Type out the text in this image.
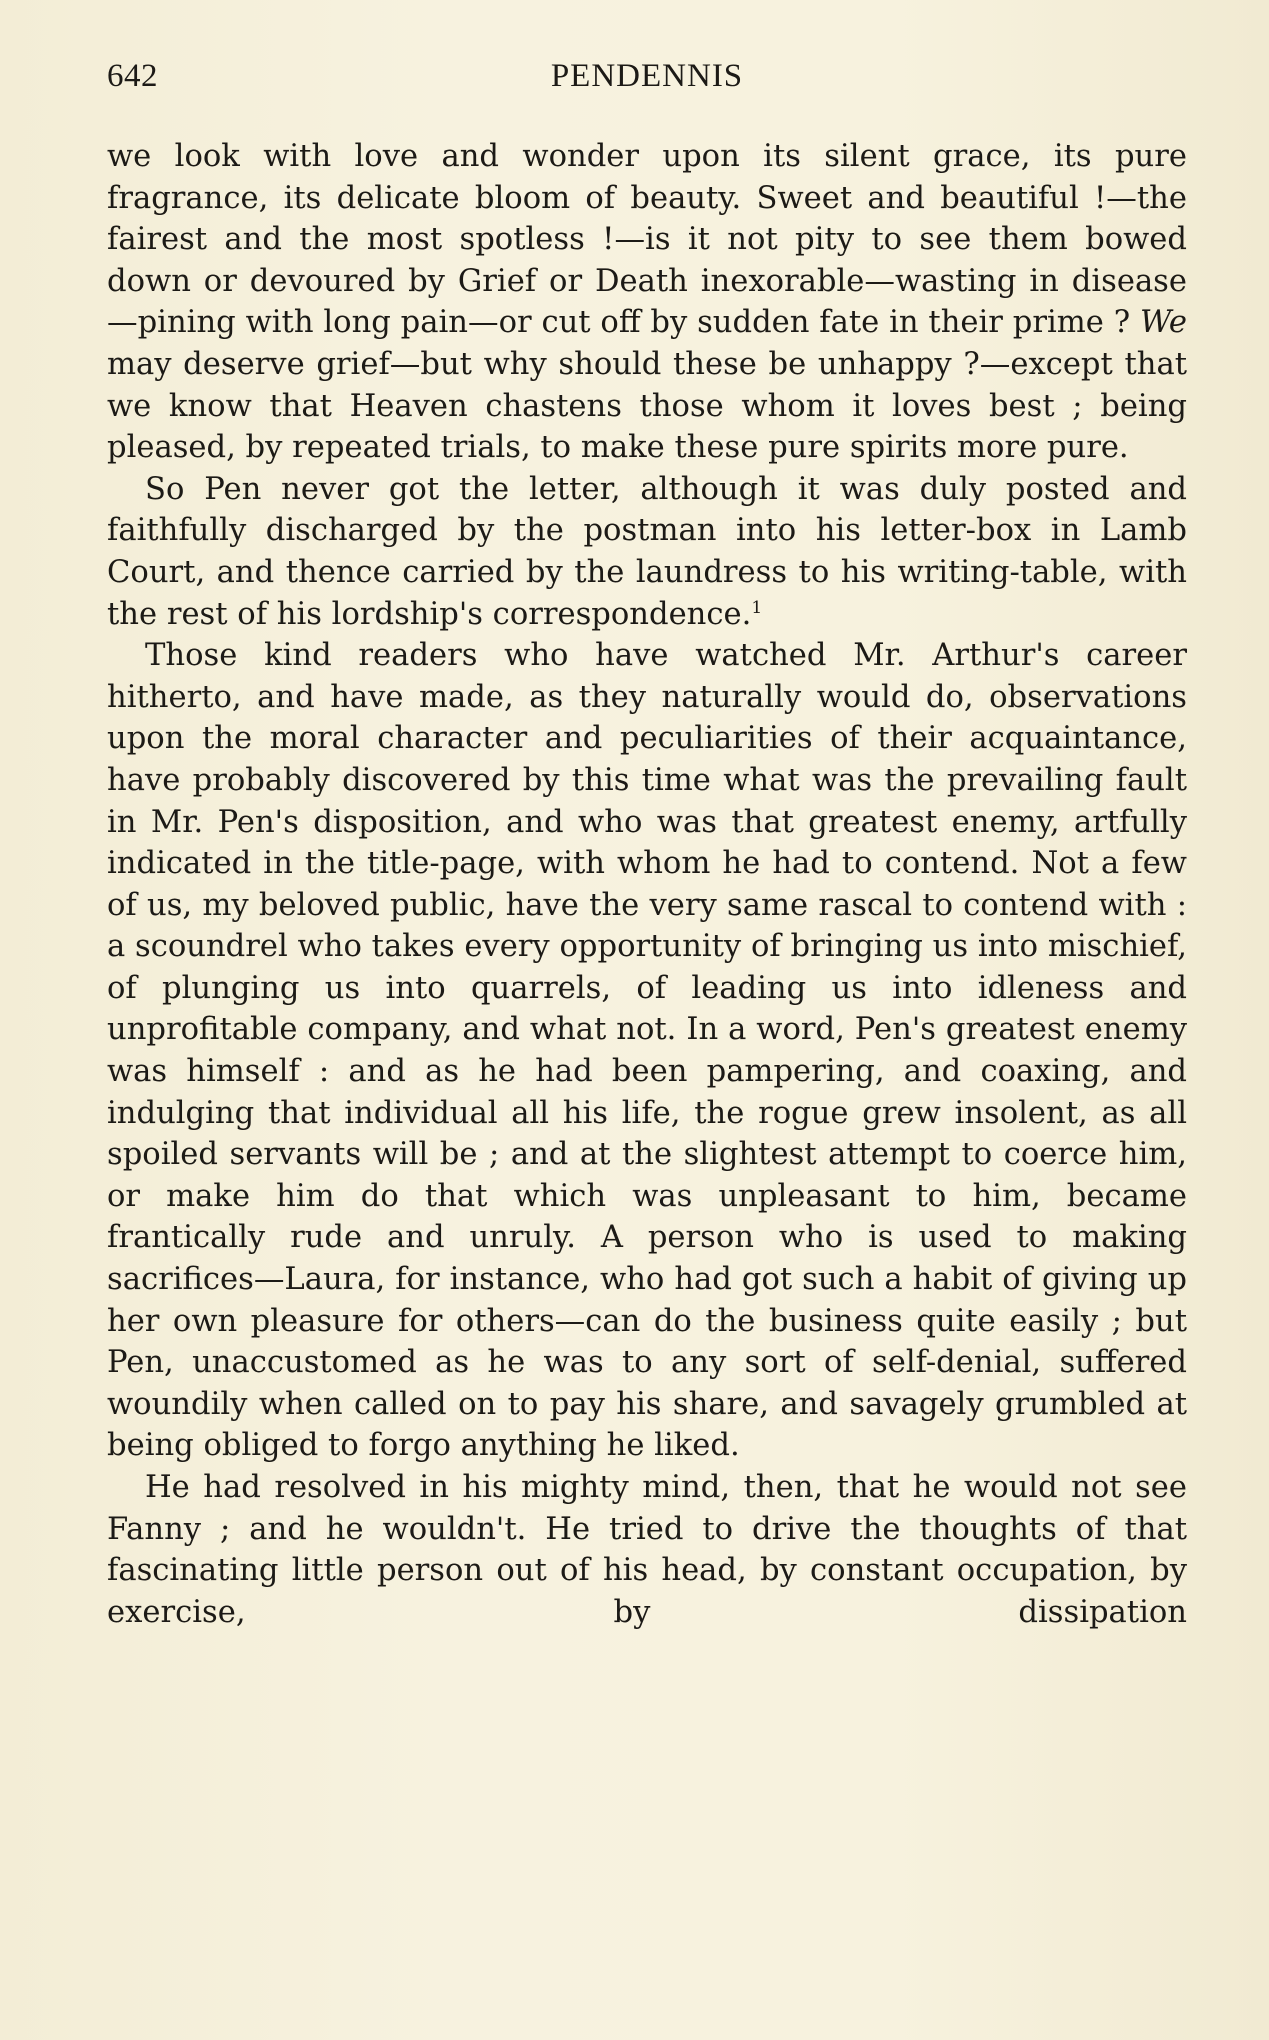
642	PENDENNIS

we look with love and wonder upon its silent grace, its pure fragrance, its delicate bloom of beauty. Sweet and beautiful !—the fairest and the most spotless !—is it not pity to see them bowed down or devoured by Grief or Death inexorable—wasting in disease—pining with long pain—or cut off by sudden fate in their prime ? We may deserve grief—but why should these be unhappy ?—except that we know that Heaven chastens those whom it loves best ; being pleased, by repeated trials, to make these pure spirits more pure.

So Pen never got the letter, although it was duly posted and faithfully discharged by the postman into his letter-box in Lamb Court, and thence carried by the laundress to his writing-table, with the rest of his lordship's correspondence.$^1$

Those kind readers who have watched Mr. Arthur's career hitherto, and have made, as they naturally would do, observations upon the moral character and peculiarities of their acquaintance, have probably discovered by this time what was the prevailing fault in Mr. Pen's disposition, and who was that greatest enemy, artfully indicated in the title-page, with whom he had to contend. Not a few of us, my beloved public, have the very same rascal to contend with : a scoundrel who takes every opportunity of bringing us into mischief, of plunging us into quarrels, of leading us into idleness and unprofitable company, and what not. In a word, Pen's greatest enemy was himself : and as he had been pampering, and coaxing, and indulging that individual all his life, the rogue grew insolent, as all spoiled servants will be ; and at the slightest attempt to coerce him, or make him do that which was unpleasant to him, became frantically rude and unruly. A person who is used to making sacrifices—Laura, for instance, who had got such a habit of giving up her own pleasure for others—can do the business quite easily ; but Pen, unaccustomed as he was to any sort of self-denial, suffered woundily when called on to pay his share, and savagely grumbled at being obliged to forgo anything he liked.

He had resolved in his mighty mind, then, that he would not see Fanny ; and he wouldn't. He tried to drive the thoughts of that fascinating little person out of his head, by constant occupation, by exercise, by dissipation
